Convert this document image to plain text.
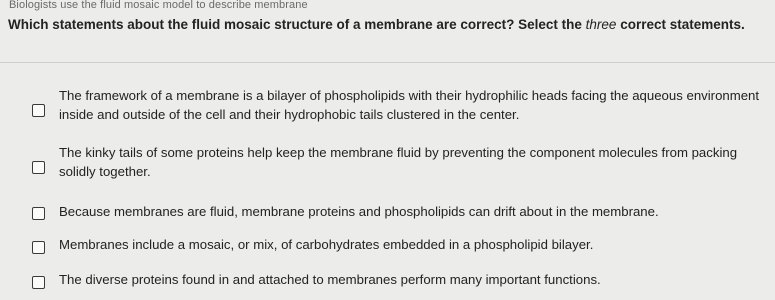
Biologists use the fluid mosaic model to describe membrane
Which statements about the fluid mosaic structure of a membrane are correct? Select the three correct statements.
The framework of a membrane is a bilayer of phospholipids with their hydrophilic heads facing the aqueous environment inside and outside of the cell and their hydrophobic tails clustered in the center.
The kinky tails of some proteins help keep the membrane fluid by preventing the component molecules from packing solidly together.
Because membranes are fluid, membrane proteins and phospholipids can drift about in the membrane.
Membranes include a mosaic, or mix, of carbohydrates embedded in a phospholipid bilayer.
The diverse proteins found in and attached to membranes perform many important functions.
